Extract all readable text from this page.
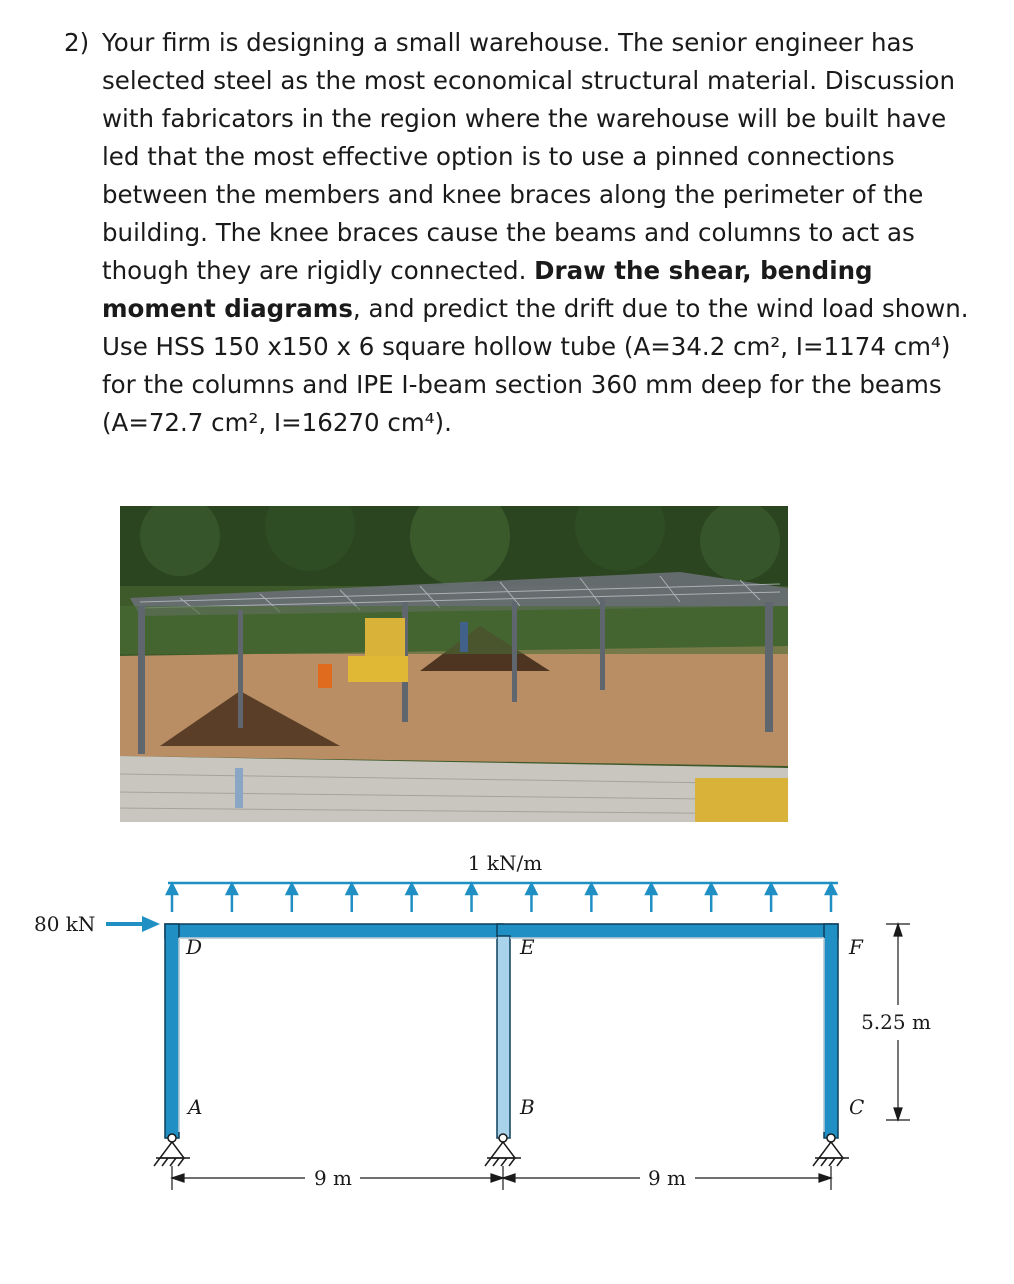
2) Your firm is designing a small warehouse. The senior engineer has selected steel as the most economical structural material. Discussion with fabricators in the region where the warehouse will be built have led that the most effective option is to use a pinned connections between the members and knee braces along the perimeter of the building. The knee braces cause the beams and columns to act as though they are rigidly connected. Draw the shear, bending moment diagrams, and predict the drift due to the wind load shown. Use HSS 150 x150 x 6 square hollow tube (A=34.2 cm², I=1174 cm⁴) for the columns and IPE I-beam section 360 mm deep for the beams (A=72.7 cm², I=16270 cm⁴).
1 kN/m
80 kN
D	E	F
A	B	C
5.25 m
9 m	9 m
